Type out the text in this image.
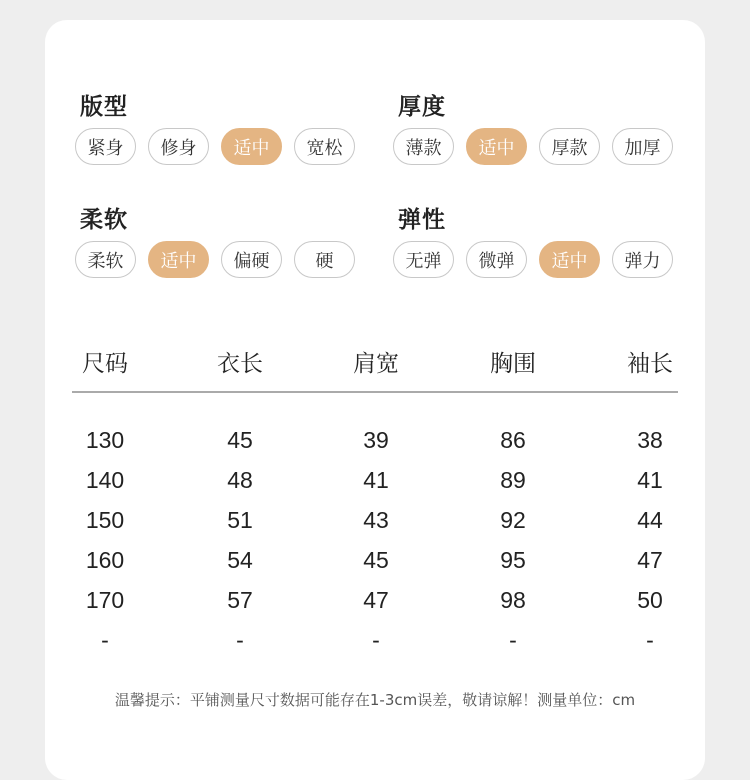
版型
紧身	修身	适中	宽松
厚度
薄款	适中	厚款	加厚
柔软
柔软	适中	偏硬	硬
弹性
无弹	微弹	适中	弹力
尺码	衣长	肩宽	胸围	袖长
130	45	39	86	38
140	48	41	89	41
150	51	43	92	44
160	54	45	95	47
170	57	47	98	50
-	-	-	-	-
温馨提示：平铺测量尺寸数据可能存在1-3cm误差，敬请谅解！测量单位：cm
